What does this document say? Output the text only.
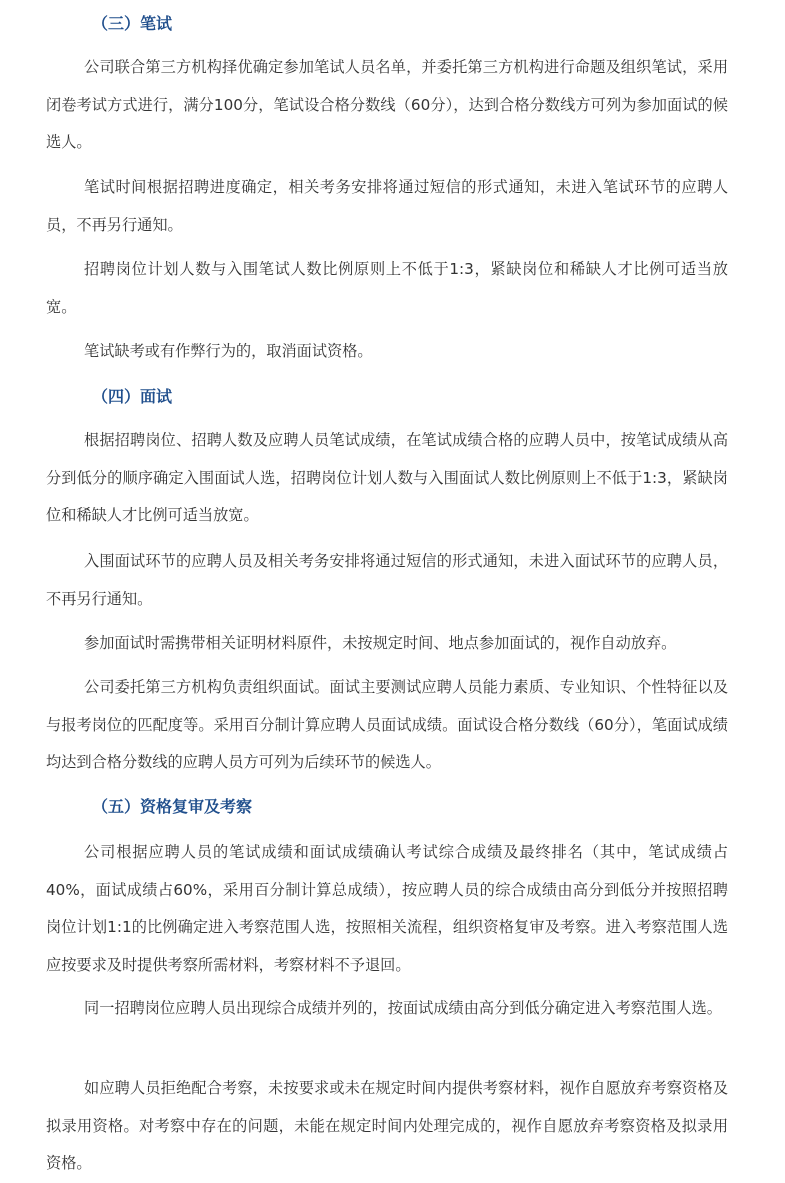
（三）笔试

公司联合第三方机构择优确定参加笔试人员名单，并委托第三方机构进行命题及组织笔试，采用闭卷考试方式进行，满分100分，笔试设合格分数线（60分），达到合格分数线方可列为参加面试的候选人。

笔试时间根据招聘进度确定，相关考务安排将通过短信的形式通知，未进入笔试环节的应聘人员，不再另行通知。

招聘岗位计划人数与入围笔试人数比例原则上不低于1:3，紧缺岗位和稀缺人才比例可适当放宽。

笔试缺考或有作弊行为的，取消面试资格。

（四）面试

根据招聘岗位、招聘人数及应聘人员笔试成绩，在笔试成绩合格的应聘人员中，按笔试成绩从高分到低分的顺序确定入围面试人选，招聘岗位计划人数与入围面试人数比例原则上不低于1:3，紧缺岗位和稀缺人才比例可适当放宽。

入围面试环节的应聘人员及相关考务安排将通过短信的形式通知，未进入面试环节的应聘人员，不再另行通知。

参加面试时需携带相关证明材料原件，未按规定时间、地点参加面试的，视作自动放弃。

公司委托第三方机构负责组织面试。面试主要测试应聘人员能力素质、专业知识、个性特征以及与报考岗位的匹配度等。采用百分制计算应聘人员面试成绩。面试设合格分数线（60分），笔面试成绩均达到合格分数线的应聘人员方可列为后续环节的候选人。

（五）资格复审及考察

公司根据应聘人员的笔试成绩和面试成绩确认考试综合成绩及最终排名（其中，笔试成绩占40%，面试成绩占60%，采用百分制计算总成绩），按应聘人员的综合成绩由高分到低分并按照招聘岗位计划1:1的比例确定进入考察范围人选，按照相关流程，组织资格复审及考察。进入考察范围人选应按要求及时提供考察所需材料，考察材料不予退回。

同一招聘岗位应聘人员出现综合成绩并列的，按面试成绩由高分到低分确定进入考察范围人选。

如应聘人员拒绝配合考察，未按要求或未在规定时间内提供考察材料，视作自愿放弃考察资格及拟录用资格。对考察中存在的问题，未能在规定时间内处理完成的，视作自愿放弃考察资格及拟录用资格。
